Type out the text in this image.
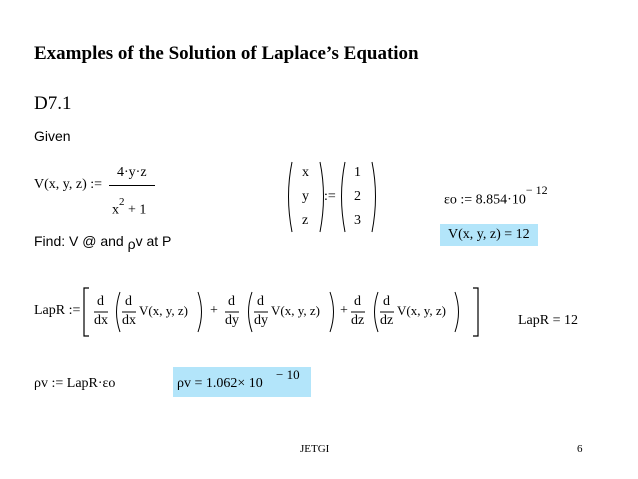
Examples of the Solution of Laplace’s Equation
D7.1
Given
V(x, y, z) :=
4·y·z
$x^2 + 1$
x
y
z
:=
1
2
3
εo := $8.854\cdot 10^{- 12}$
V(x, y, z) = 12
Find: V @ and ρv at P
LapR :=
d
dx
d
dx
V(x, y, z) +
d
dy
d
dy
V(x, y, z) +
d
dz
d
dz
V(x, y, z)
LapR = 12
ρv := LapR·εo	ρv = 1.062× 10
− 10
JETGI	6
